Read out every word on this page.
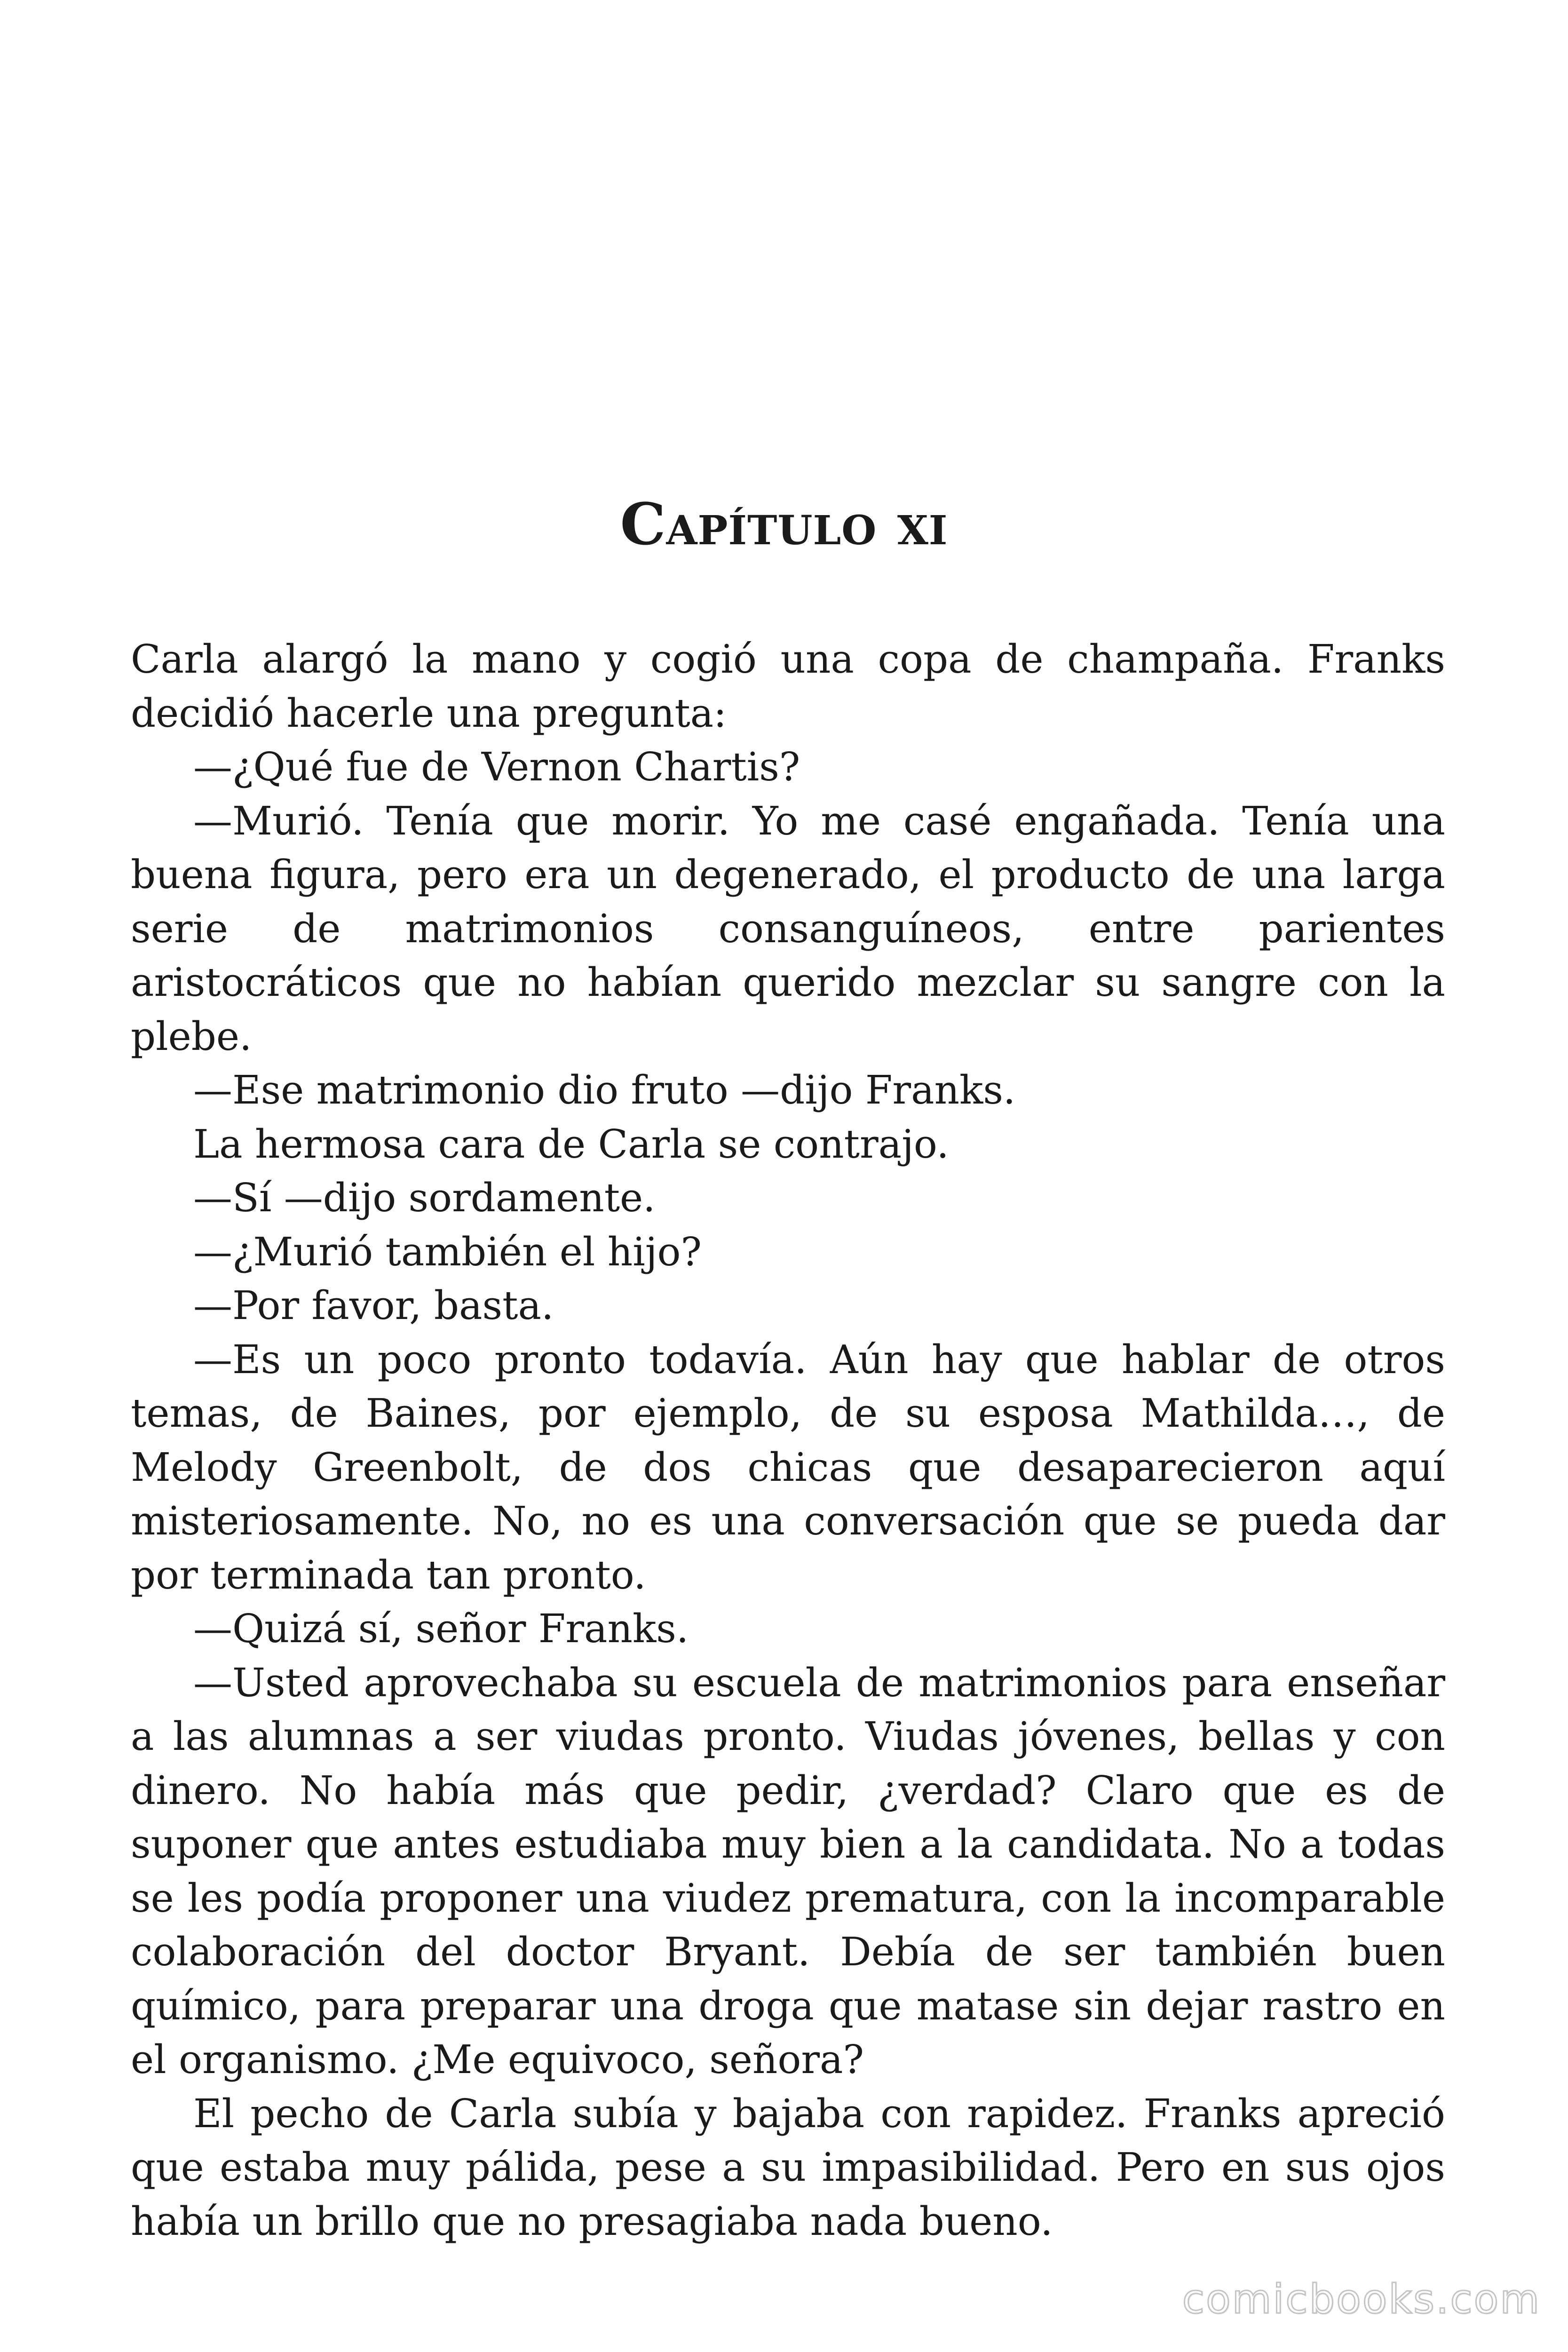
Capítulo xi

Carla alargó la mano y cogió una copa de champaña. Franks decidió hacerle una pregunta:

—¿Qué fue de Vernon Chartis?

—Murió. Tenía que morir. Yo me casé engañada. Tenía una buena figura, pero era un degenerado, el producto de una larga serie de matrimonios consanguíneos, entre parientes aristocráticos que no habían querido mezclar su sangre con la plebe.

—Ese matrimonio dio fruto —dijo Franks.

La hermosa cara de Carla se contrajo.

—Sí —dijo sordamente.

—¿Murió también el hijo?

—Por favor, basta.

—Es un poco pronto todavía. Aún hay que hablar de otros temas, de Baines, por ejemplo, de su esposa Mathilda…, de Melody Greenbolt, de dos chicas que desaparecieron aquí misteriosamente. No, no es una conversación que se pueda dar por terminada tan pronto.

—Quizá sí, señor Franks.

—Usted aprovechaba su escuela de matrimonios para enseñar a las alumnas a ser viudas pronto. Viudas jóvenes, bellas y con dinero. No había más que pedir, ¿verdad? Claro que es de suponer que antes estudiaba muy bien a la candidata. No a todas se les podía proponer una viudez prematura, con la incomparable colaboración del doctor Bryant. Debía de ser también buen químico, para preparar una droga que matase sin dejar rastro en el organismo. ¿Me equivoco, señora?

El pecho de Carla subía y bajaba con rapidez. Franks apreció que estaba muy pálida, pese a su impasibilidad. Pero en sus ojos había un brillo que no presagiaba nada bueno.

comicbooks.com
